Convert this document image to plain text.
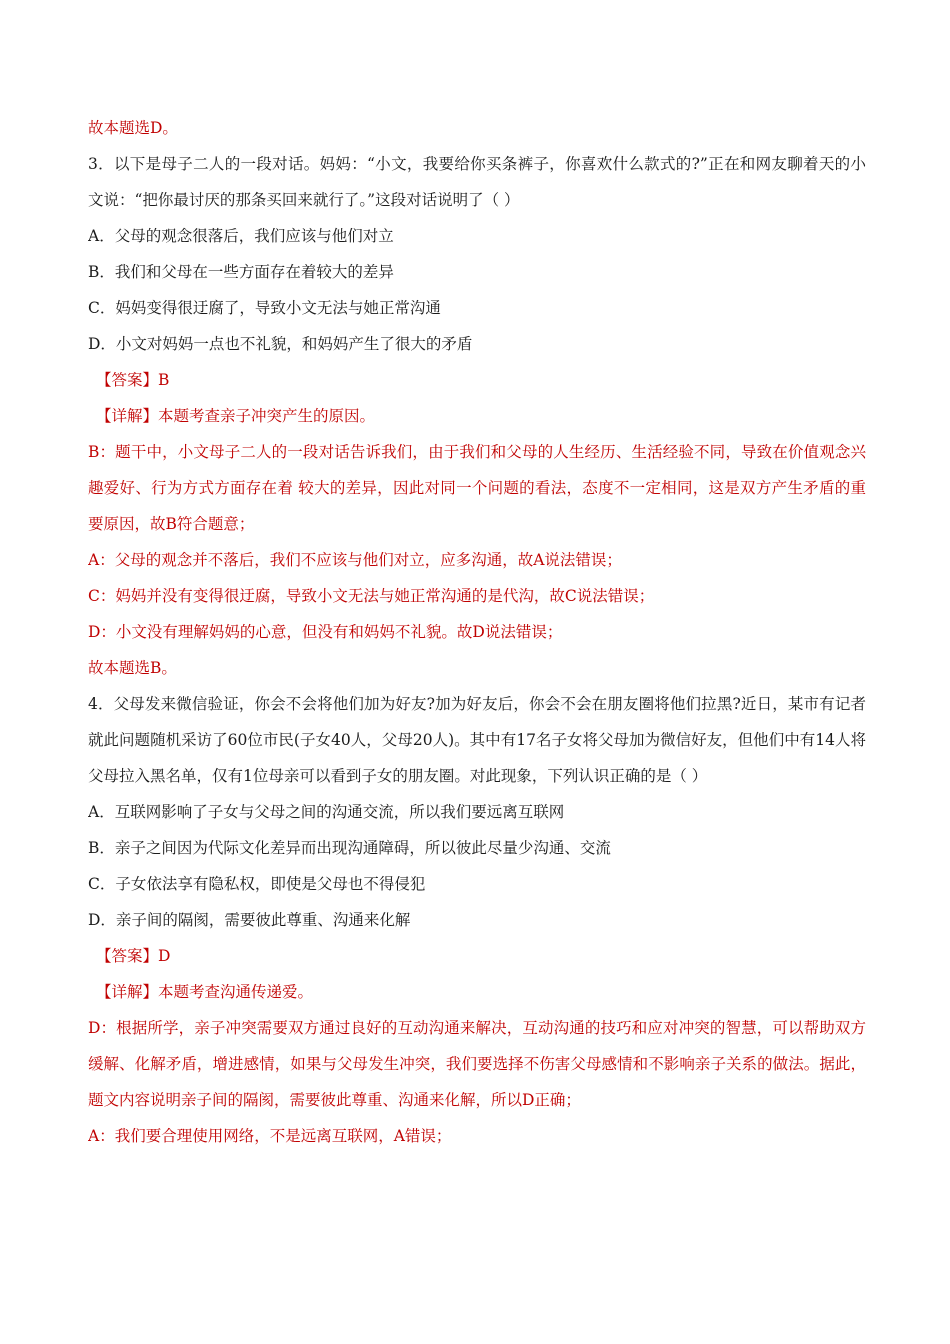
故本题选D。
3．以下是母子二人的一段对话。妈妈：“小文，我要给你买条裤子，你喜欢什么款式的?”正在和网友聊着天的小文说：“把你最讨厌的那条买回来就行了。”这段对话说明了（ ）
A．父母的观念很落后，我们应该与他们对立
B．我们和父母在一些方面存在着较大的差异
C．妈妈变得很迂腐了，导致小文无法与她正常沟通
D．小文对妈妈一点也不礼貌，和妈妈产生了很大的矛盾
【答案】B
【详解】本题考查亲子冲突产生的原因。
B：题干中，小文母子二人的一段对话告诉我们，由于我们和父母的人生经历、生活经验不同，导致在价值观念兴趣爱好、行为方式方面存在着 较大的差异，因此对同一个问题的看法，态度不一定相同，这是双方产生矛盾的重要原因，故B符合题意；
A：父母的观念并不落后，我们不应该与他们对立，应多沟通，故A说法错误；
C：妈妈并没有变得很迂腐，导致小文无法与她正常沟通的是代沟，故C说法错误；
D：小文没有理解妈妈的心意，但没有和妈妈不礼貌。故D说法错误；
故本题选B。
4．父母发来微信验证，你会不会将他们加为好友?加为好友后，你会不会在朋友圈将他们拉黑?近日，某市有记者就此问题随机采访了60位市民(子女40人，父母20人)。其中有17名子女将父母加为微信好友，但他们中有14人将父母拉入黑名单，仅有1位母亲可以看到子女的朋友圈。对此现象，下列认识正确的是（ ）
A．互联网影响了子女与父母之间的沟通交流，所以我们要远离互联网
B．亲子之间因为代际文化差异而出现沟通障碍，所以彼此尽量少沟通、交流
C．子女依法享有隐私权，即使是父母也不得侵犯
D．亲子间的隔阂，需要彼此尊重、沟通来化解
【答案】D
【详解】本题考查沟通传递爱。
D：根据所学，亲子冲突需要双方通过良好的互动沟通来解决，互动沟通的技巧和应对冲突的智慧，可以帮助双方缓解、化解矛盾，增进感情，如果与父母发生冲突，我们要选择不伤害父母感情和不影响亲子关系的做法。据此，题文内容说明亲子间的隔阂，需要彼此尊重、沟通来化解，所以D正确；
A：我们要合理使用网络，不是远离互联网，A错误；
